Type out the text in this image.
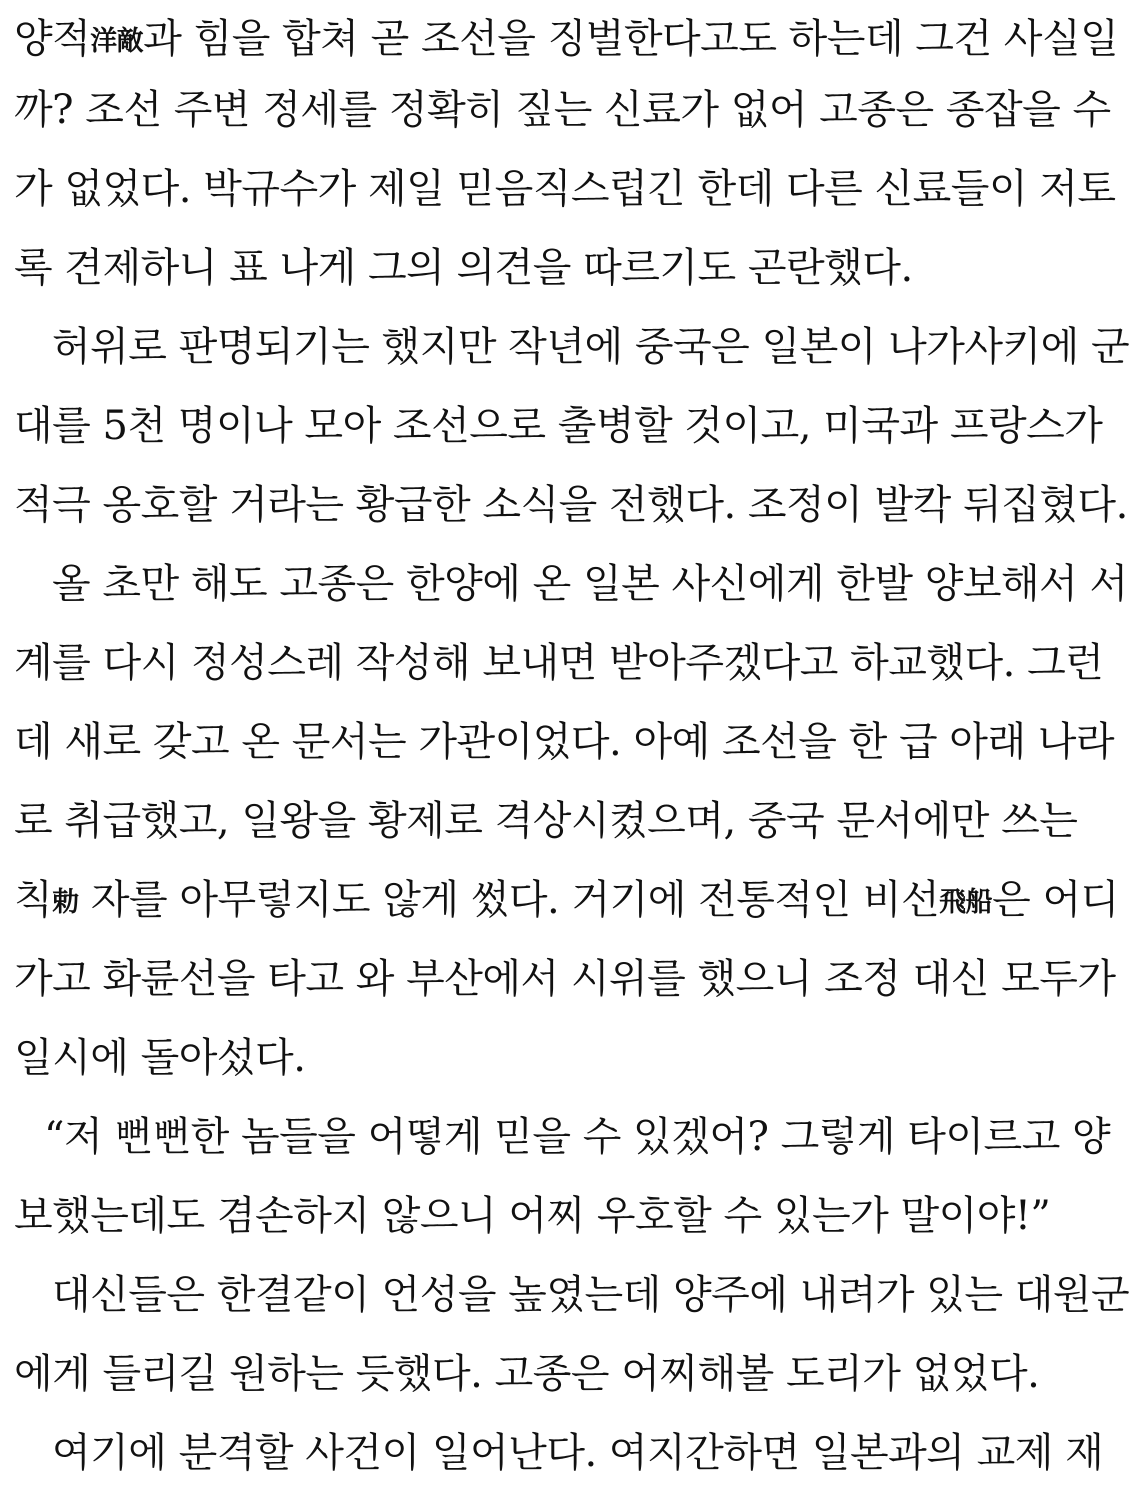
양적洋敵과 힘을 합쳐 곧 조선을 징벌한다고도 하는데 그건 사실일
까? 조선 주변 정세를 정확히 짚는 신료가 없어 고종은 종잡을 수
가 없었다. 박규수가 제일 믿음직스럽긴 한데 다른 신료들이 저토
록 견제하니 표 나게 그의 의견을 따르기도 곤란했다.
허위로 판명되기는 했지만 작년에 중국은 일본이 나가사키에 군
대를 5천 명이나 모아 조선으로 출병할 것이고, 미국과 프랑스가
적극 옹호할 거라는 황급한 소식을 전했다. 조정이 발칵 뒤집혔다.
올 초만 해도 고종은 한양에 온 일본 사신에게 한발 양보해서 서
계를 다시 정성스레 작성해 보내면 받아주겠다고 하교했다. 그런
데 새로 갖고 온 문서는 가관이었다. 아예 조선을 한 급 아래 나라
로 취급했고, 일왕을 황제로 격상시켰으며, 중국 문서에만 쓰는
칙勅 자를 아무렇지도 않게 썼다. 거기에 전통적인 비선飛船은 어디
가고 화륜선을 타고 와 부산에서 시위를 했으니 조정 대신 모두가
일시에 돌아섰다.
“저 뻔뻔한 놈들을 어떻게 믿을 수 있겠어? 그렇게 타이르고 양
보했는데도 겸손하지 않으니 어찌 우호할 수 있는가 말이야!”
대신들은 한결같이 언성을 높였는데 양주에 내려가 있는 대원군
에게 들리길 원하는 듯했다. 고종은 어찌해볼 도리가 없었다.
여기에 분격할 사건이 일어난다. 여지간하면 일본과의 교제 재
